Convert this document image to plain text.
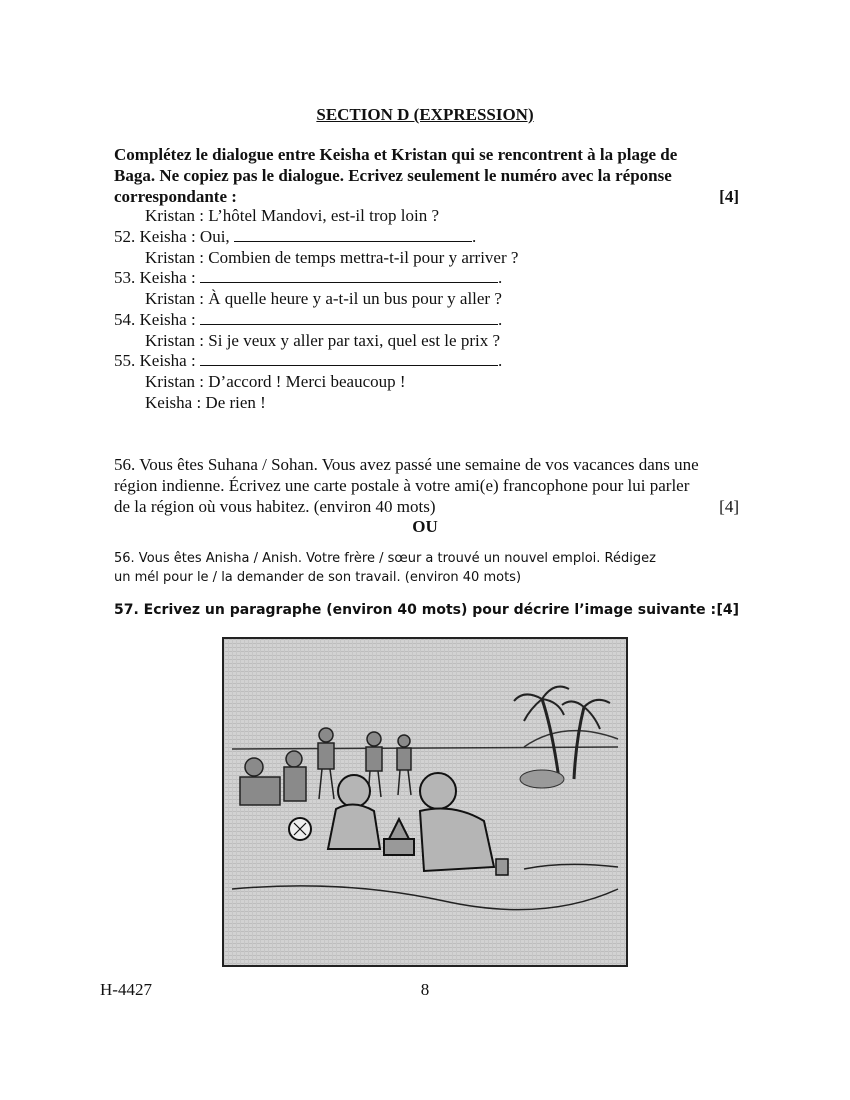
SECTION D (EXPRESSION)
Complétez le dialogue entre Keisha et Kristan qui se rencontrent à la plage de
Baga. Ne copiez pas le dialogue. Ecrivez seulement le numéro avec la réponse
correspondante :	[4]
Kristan : L’hôtel Mandovi, est-il trop loin ?
52. Keisha : Oui,	.
Kristan : Combien de temps mettra-t-il pour y arriver ?
53. Keisha :	.
Kristan : À quelle heure y a-t-il un bus pour y aller ?
54. Keisha :	.
Kristan : Si je veux y aller par taxi, quel est le prix ?
55. Keisha :	.
Kristan : D’accord ! Merci beaucoup !
Keisha : De rien !
56. Vous êtes Suhana / Sohan. Vous avez passé une semaine de vos vacances dans une
région indienne. Écrivez une carte postale à votre ami(e) francophone pour lui parler
de la région où vous habitez. (environ 40 mots)	[4]
OU
56. Vous êtes Anisha / Anish. Votre frère / sœur a trouvé un nouvel emploi. Rédigez
un mél pour le / la demander de son travail. (environ 40 mots)
57. Ecrivez un paragraphe (environ 40 mots) pour décrire l’image suivante : [4]
H-4427	8
